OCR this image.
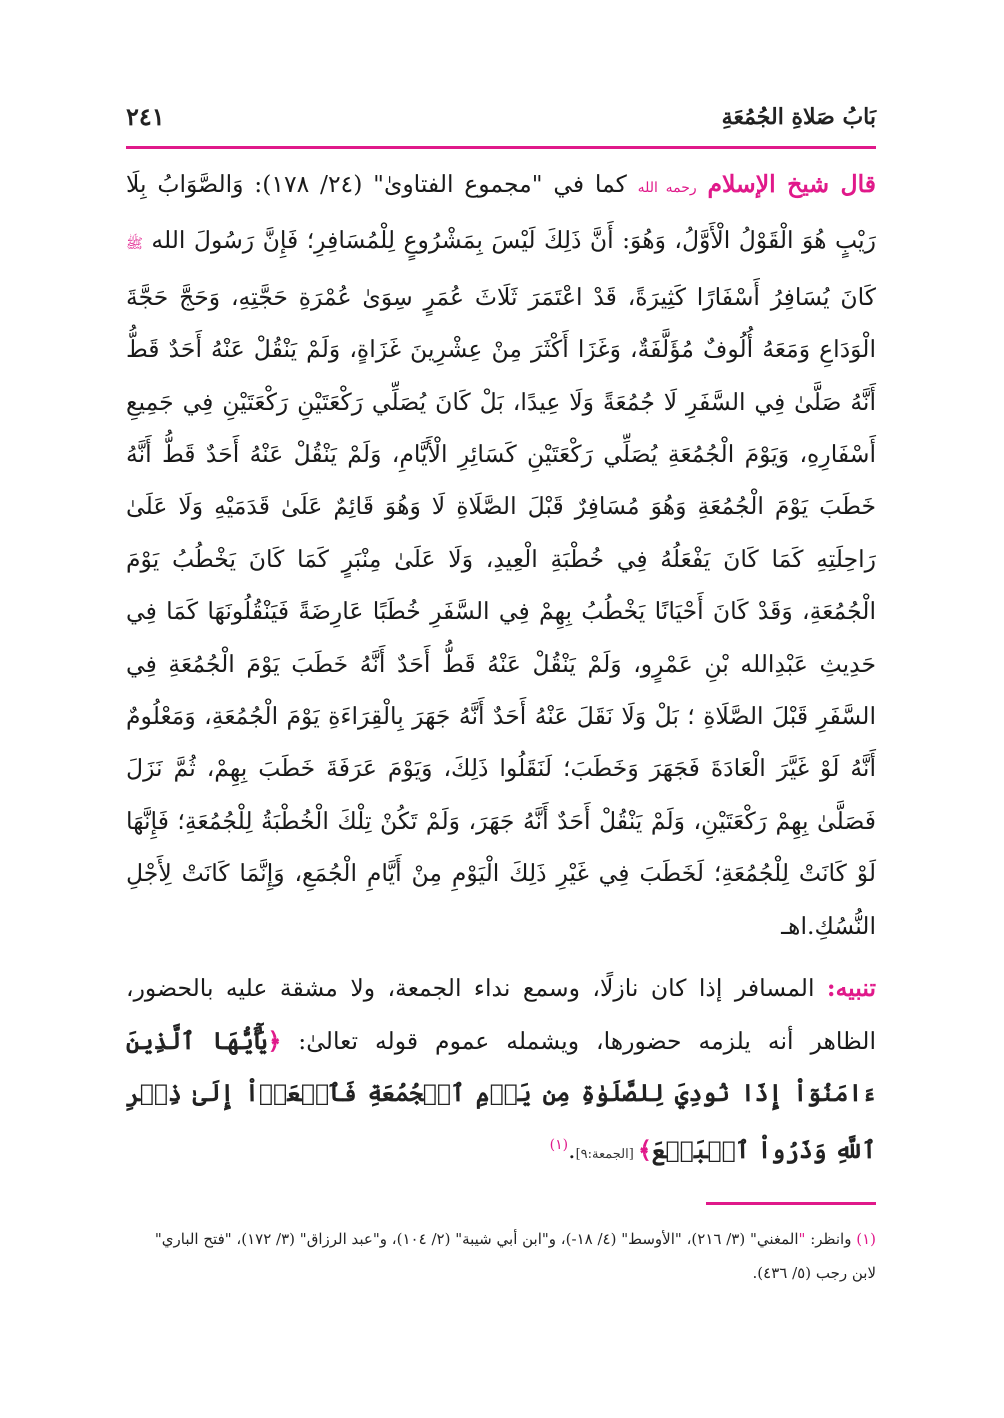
بَابُ صَلاةِ الجُمُعَةِ
٢٤١

قال شيخ الإسلام رحمه الله كما في "مجموع الفتاوىٰ" (٢٤/ ١٧٨): وَالصَّوَابُ بِلَا رَيْبٍ هُوَ الْقَوْلُ الْأَوَّلُ، وَهُوَ: أَنَّ ذَلِكَ لَيْسَ بِمَشْرُوعٍ لِلْمُسَافِرِ؛ فَإِنَّ رَسُولَ الله ﷺ كَانَ يُسَافِرُ أَسْفَارًا كَثِيرَةً، قَدْ اعْتَمَرَ ثَلَاثَ عُمَرٍ سِوَىٰ عُمْرَةِ حَجَّتِهِ، وَحَجَّ حَجَّةَ الْوَدَاعِ وَمَعَهُ أُلُوفٌ مُؤَلَّفَةٌ، وَغَزَا أَكْثَرَ مِنْ عِشْرِينَ غَزَاةٍ، وَلَمْ يَنْقُلْ عَنْهُ أَحَدٌ قَطُّ أَنَّهُ صَلَّىٰ فِي السَّفَرِ لَا جُمُعَةً وَلَا عِيدًا، بَلْ كَانَ يُصَلِّي رَكْعَتَيْنِ رَكْعَتَيْنِ فِي جَمِيعِ أَسْفَارِهِ، وَيَوْمَ الْجُمُعَةِ يُصَلِّي رَكْعَتَيْنِ كَسَائِرِ الْأَيَّامِ، وَلَمْ يَنْقُلْ عَنْهُ أَحَدٌ قَطُّ أَنَّهُ خَطَبَ يَوْمَ الْجُمُعَةِ وَهُوَ مُسَافِرٌ قَبْلَ الصَّلَاةِ لَا وَهُوَ قَائِمٌ عَلَىٰ قَدَمَيْهِ وَلَا عَلَىٰ رَاحِلَتِهِ كَمَا كَانَ يَفْعَلُهُ فِي خُطْبَةِ الْعِيدِ، وَلَا عَلَىٰ مِنْبَرٍ كَمَا كَانَ يَخْطُبُ يَوْمَ الْجُمُعَةِ، وَقَدْ كَانَ أَحْيَانًا يَخْطُبُ بِهِمْ فِي السَّفَرِ خُطَبًا عَارِضَةً فَيَنْقُلُونَهَا كَمَا فِي حَدِيثِ عَبْدِالله بْنِ عَمْرٍو، وَلَمْ يَنْقُلْ عَنْهُ قَطُّ أَحَدٌ أَنَّهُ خَطَبَ يَوْمَ الْجُمُعَةِ فِي السَّفَرِ قَبْلَ الصَّلَاةِ ؛ بَلْ وَلَا نَقَلَ عَنْهُ أَحَدٌ أَنَّهُ جَهَرَ بِالْقِرَاءَةِ يَوْمَ الْجُمُعَةِ، وَمَعْلُومٌ أَنَّهُ لَوْ غَيَّرَ الْعَادَةَ فَجَهَرَ وَخَطَبَ؛ لَنَقَلُوا ذَلِكَ، وَيَوْمَ عَرَفَةَ خَطَبَ بِهِمْ، ثُمَّ نَزَلَ فَصَلَّىٰ بِهِمْ رَكْعَتَيْنِ، وَلَمْ يَنْقُلْ أَحَدٌ أَنَّهُ جَهَرَ، وَلَمْ تَكُنْ تِلْكَ الْخُطْبَةُ لِلْجُمُعَةِ؛ فَإِنَّهَا لَوْ كَانَتْ لِلْجُمُعَةِ؛ لَخَطَبَ فِي غَيْرِ ذَلِكَ الْيَوْمِ مِنْ أَيَّامِ الْجُمَعِ، وَإِنَّمَا كَانَتْ لِأَجْلِ النُّسُكِ.اهـ

تنبيه: المسافر إذا كان نازلًا، وسمع نداء الجمعة، ولا مشقة عليه بالحضور، الظاهر أنه يلزمه حضورها، ويشمله عموم قوله تعالىٰ: ﴿يَٰٓأَيُّهَا ٱلَّذِينَ ءَامَنُوٓاْ إِذَا نُودِيَ لِلصَّلَوٰةِ مِن يَوۡمِ ٱلۡجُمُعَةِ فَٱسۡعَوۡاْ إِلَىٰ ذِكۡرِ ٱللَّهِ وَذَرُواْ ٱلۡبَيۡعَ﴾ [الجمعة:٩].$^{(١)}$

(١) وانظر: "المغني" (٣/ ٢١٦)، "الأوسط" (٤/ ١٨-)، و"ابن أبي شيبة" (٢/ ١٠٤)، و"عبد الرزاق" (٣/ ١٧٢)، "فتح الباري" لابن رجب (٥/ ٤٣٦).
